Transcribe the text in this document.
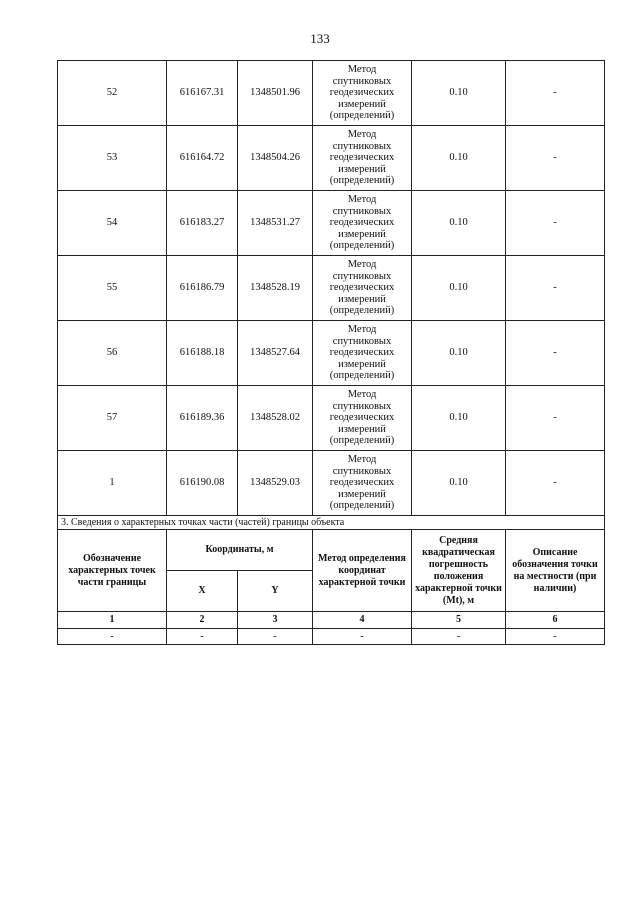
133
52	616167.31	1348501.96	Метод
спутниковых
геодезических
измерений
(определений)	0.10	-
53	616164.72	1348504.26	Метод
спутниковых
геодезических
измерений
(определений)	0.10	-
54	616183.27	1348531.27	Метод
спутниковых
геодезических
измерений
(определений)	0.10	-
55	616186.79	1348528.19	Метод
спутниковых
геодезических
измерений
(определений)	0.10	-
56	616188.18	1348527.64	Метод
спутниковых
геодезических
измерений
(определений)	0.10	-
57	616189.36	1348528.02	Метод
спутниковых
геодезических
измерений
(определений)	0.10	-
1	616190.08	1348529.03	Метод
спутниковых
геодезических
измерений
(определений)	0.10	-
3. Сведения о характерных точках части (частей) границы объекта					
Обозначение характерных точек части границы	Координаты, м		Метод определения координат характерной точки	Средняя квадратическая погрешность положения характерной точки (Mt), м	Описание обозначения точки на местности (при наличии)
	X	Y			
1	2	3	4	5	6
-	-	-	-	-	-
